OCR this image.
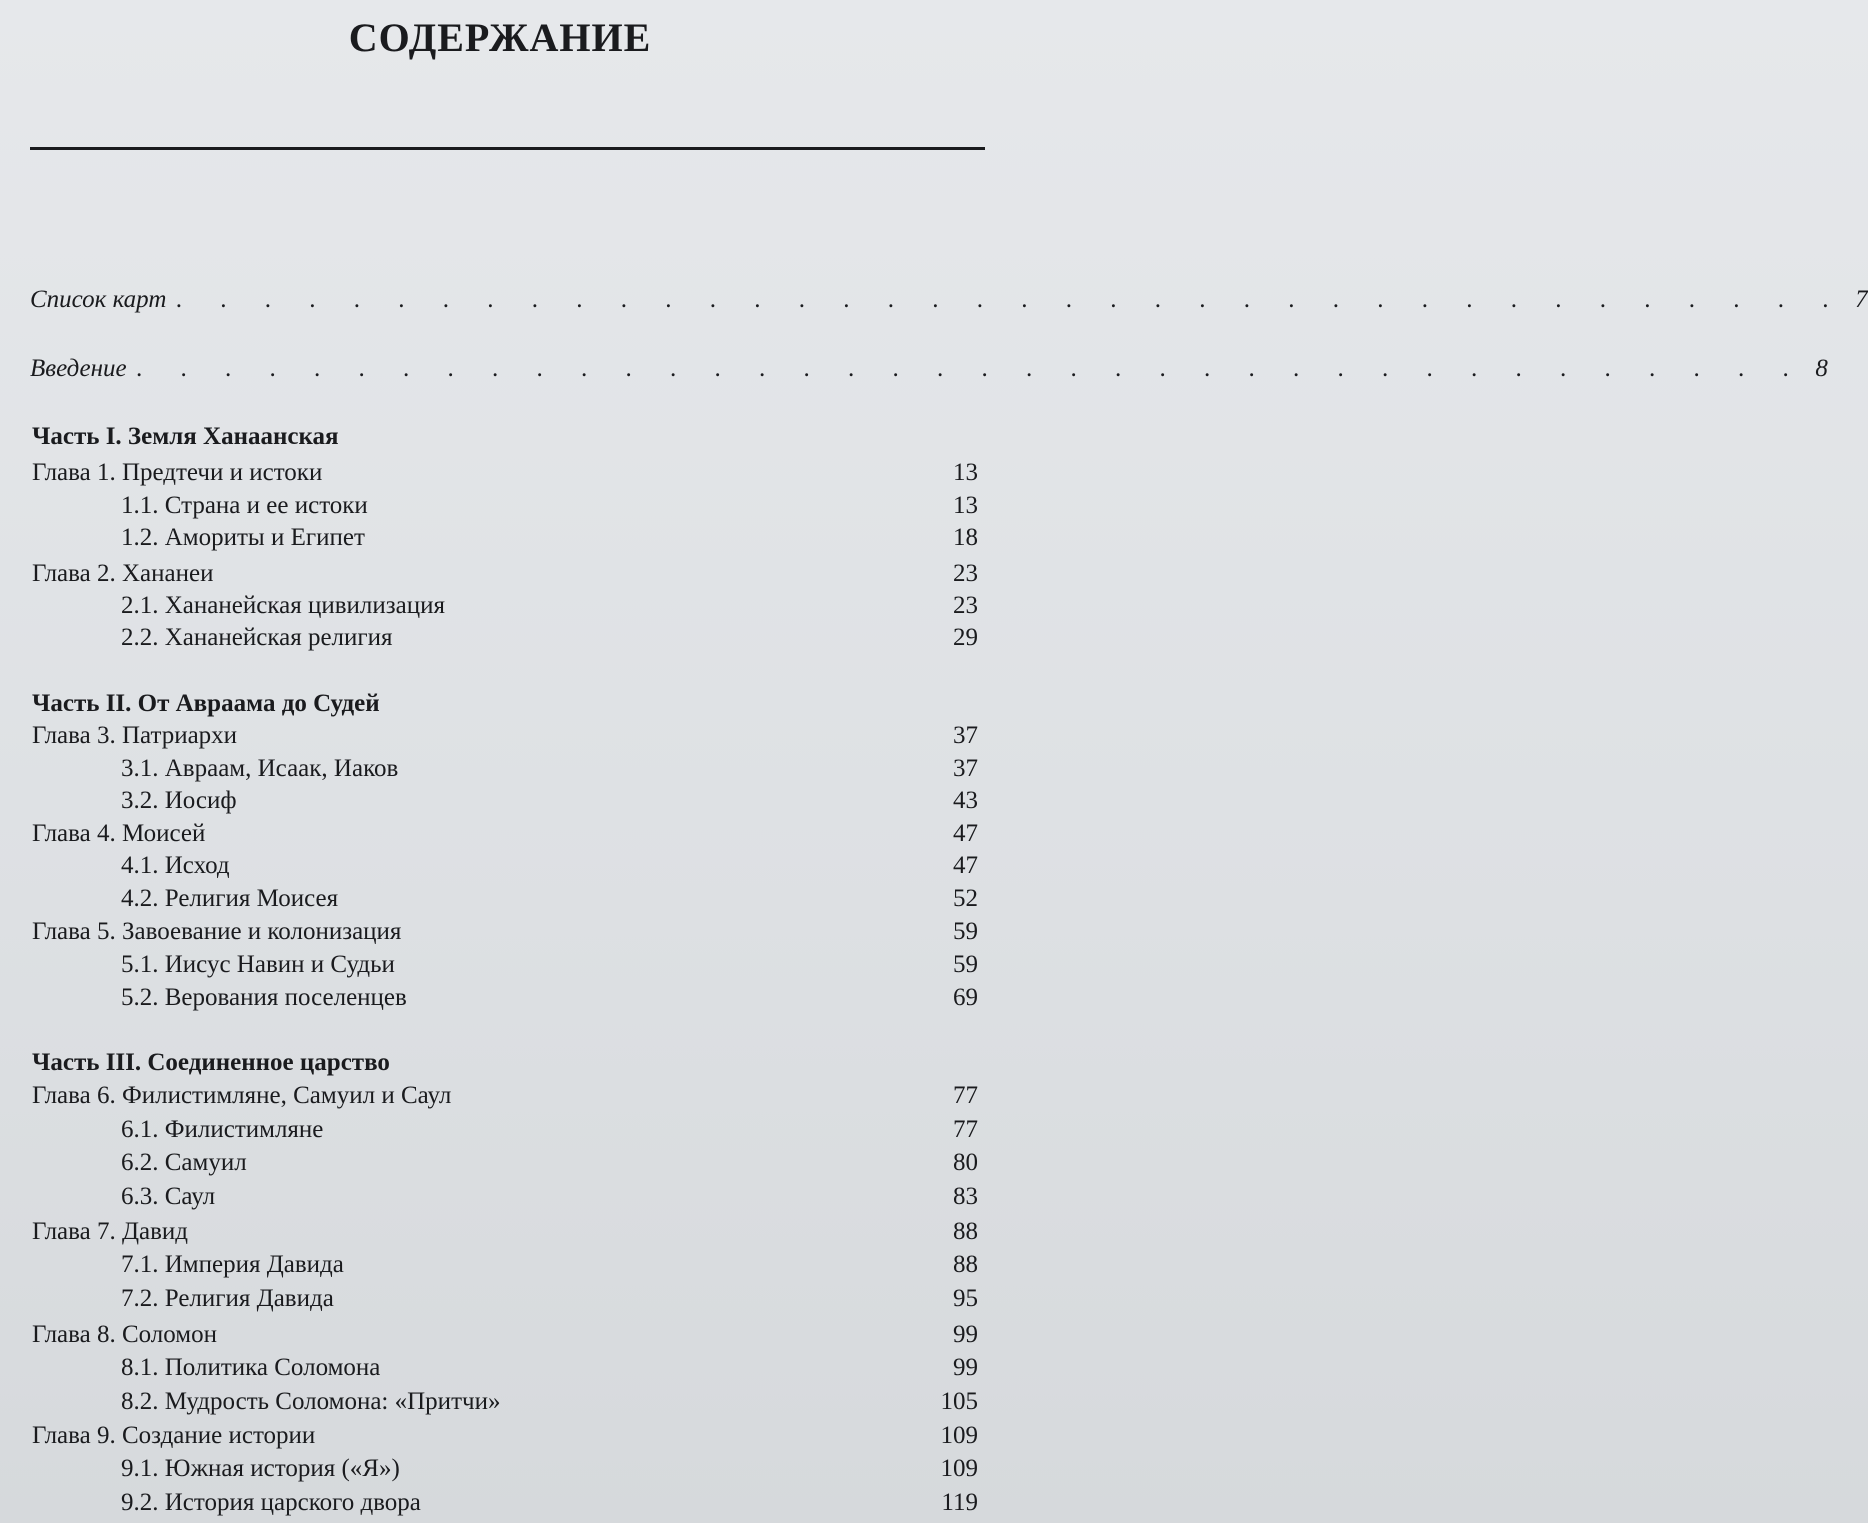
СОДЕРЖАНИЕ
Список карт . . . . . . . . . . . . . . . . . . . . . . . . . . . . . . . . . . . . . . 7
Введение . . . . . . . . . . . . . . . . . . . . . . . . . . . . . . . . . . . . . . 8
Часть I. Земля Ханаанская
Глава 1. Предтечи и истоки	13
1.1. Страна и ее истоки	13
1.2. Амориты и Египет	18
Глава 2. Хананеи	23
2.1. Хананейская цивилизация	23
2.2. Хананейская религия	29
Часть II. От Авраама до Судей
Глава 3. Патриархи	37
3.1. Авраам, Исаак, Иаков	37
3.2. Иосиф	43
Глава 4. Моисей	47
4.1. Исход	47
4.2. Религия Моисея	52
Глава 5. Завоевание и колонизация	59
5.1. Иисус Навин и Судьи	59
5.2. Верования поселенцев	69
Часть III. Соединенное царство
Глава 6. Филистимляне, Самуил и Саул	77
6.1. Филистимляне	77
6.2. Самуил	80
6.3. Саул	83
Глава 7. Давид	88
7.1. Империя Давида	88
7.2. Религия Давида	95
Глава 8. Соломон	99
8.1. Политика Соломона	99
8.2. Мудрость Соломона: «Притчи»	105
Глава 9. Создание истории	109
9.1. Южная история («Я»)	109
9.2. История царского двора	119
